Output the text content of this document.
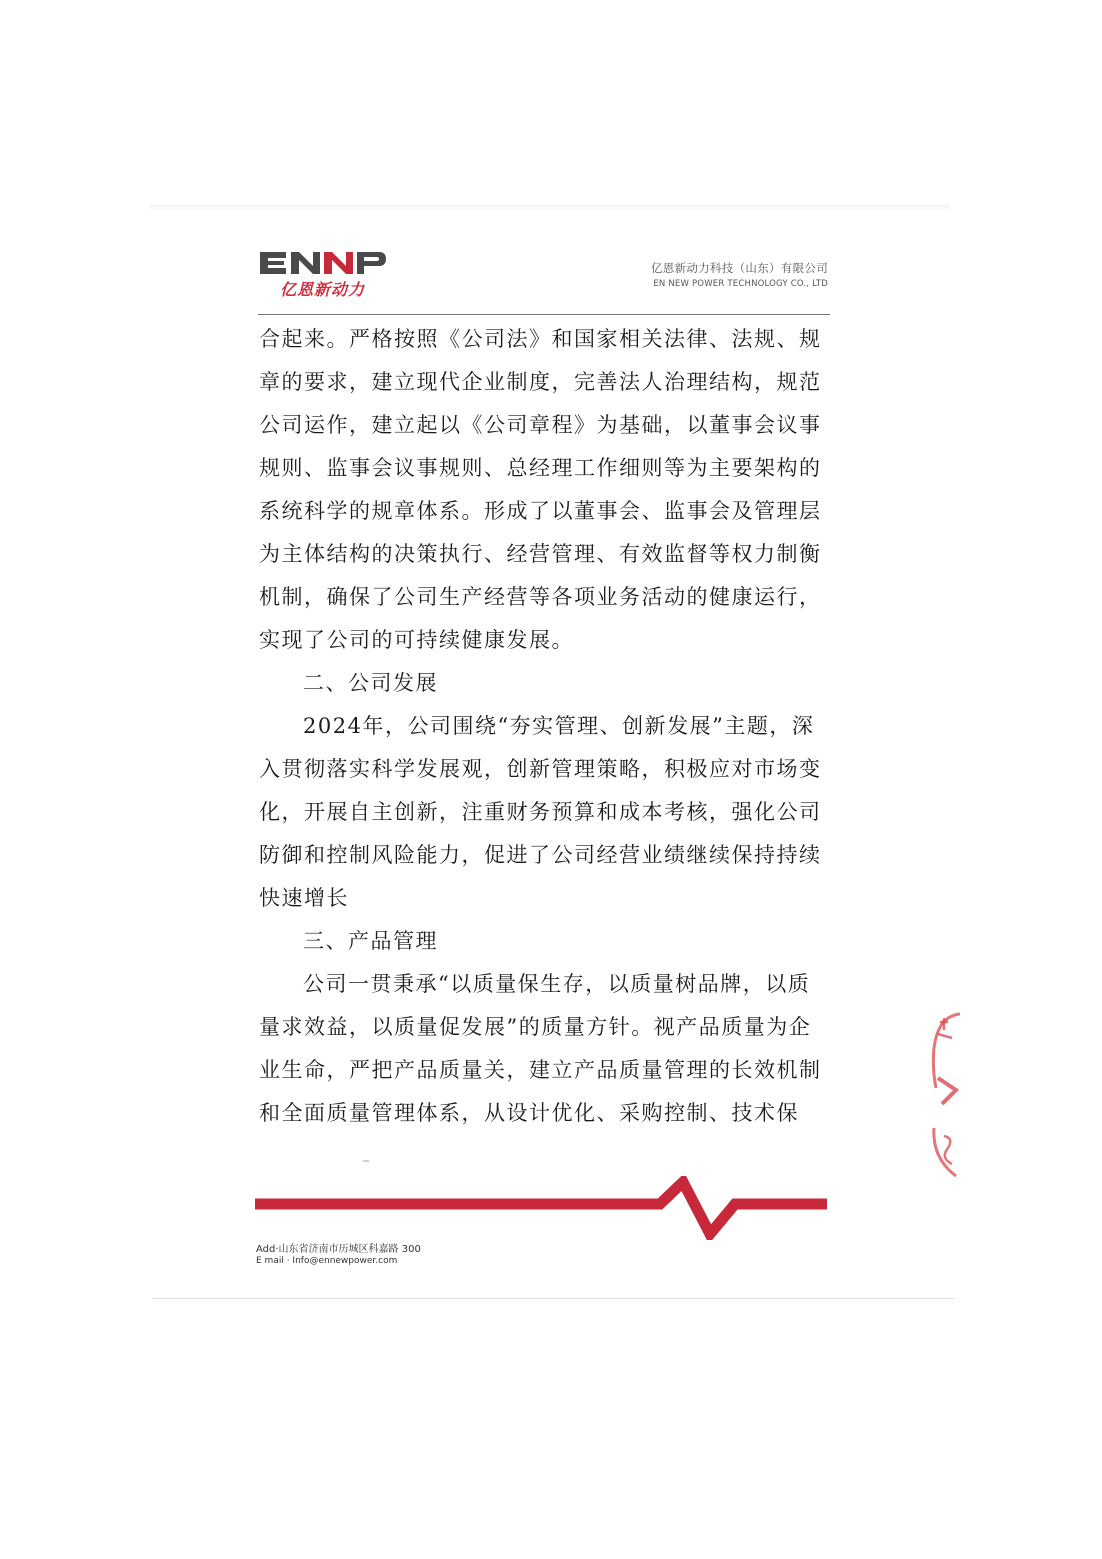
亿恩新动力
亿恩新动力科技（山东）有限公司
EN NEW POWER TECHNOLOGY CO., LTD
合起来。严格按照《公司法》和国家相关法律、法规、规
章的要求，建立现代企业制度，完善法人治理结构，规范
公司运作，建立起以《公司章程》为基础，以董事会议事
规则、监事会议事规则、总经理工作细则等为主要架构的
系统科学的规章体系。形成了以董事会、监事会及管理层
为主体结构的决策执行、经营管理、有效监督等权力制衡
机制，确保了公司生产经营等各项业务活动的健康运行，
实现了公司的可持续健康发展。
二、公司发展
2024年，公司围绕“夯实管理、创新发展”主题，深
入贯彻落实科学发展观，创新管理策略，积极应对市场变
化，开展自主创新，注重财务预算和成本考核，强化公司
防御和控制风险能力，促进了公司经营业绩继续保持持续
快速增长
三、产品管理
公司一贯秉承“以质量保生存，以质量树品牌，以质
量求效益，以质量促发展”的质量方针。视产品质量为企
业生命，严把产品质量关，建立产品质量管理的长效机制
和全面质量管理体系，从设计优化、采购控制、技术保
Add·山东省济南市历城区科嘉路 300
E mail · Info@ennewpower.com
